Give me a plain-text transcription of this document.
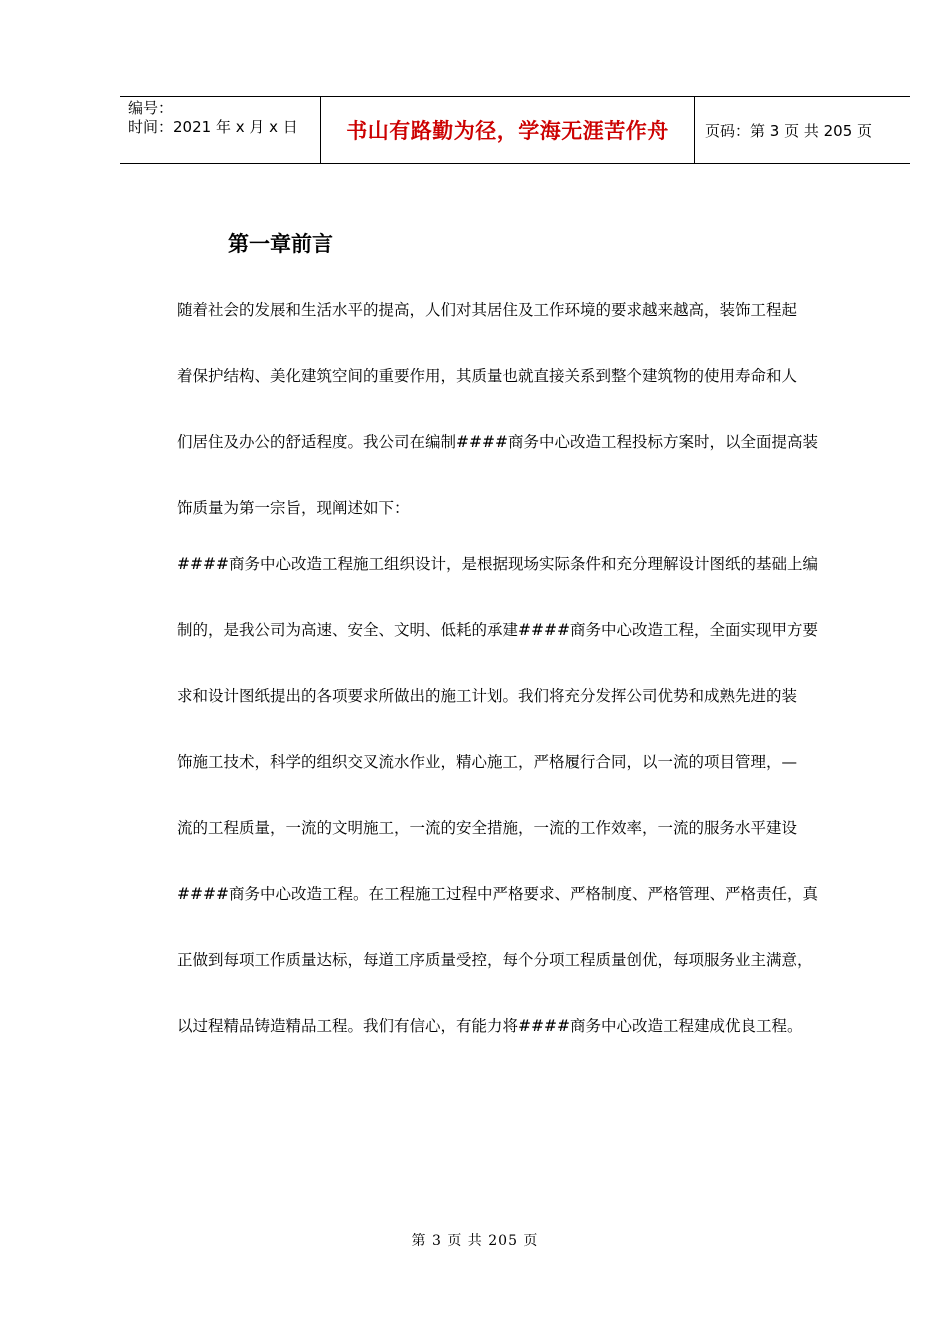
编号：
时间：2021 年 x 月 x 日	书山有路勤为径，学海无涯苦作舟	页码：第 3 页 共 205 页
第一章前言
随着社会的发展和生活水平的提高，人们对其居住及工作环境的要求越来越高，装饰工程起
着保护结构、美化建筑空间的重要作用，其质量也就直接关系到整个建筑物的使用寿命和人
们居住及办公的舒适程度。我公司在编制####商务中心改造工程投标方案时，以全面提高装
饰质量为第一宗旨，现阐述如下：
####商务中心改造工程施工组织设计，是根据现场实际条件和充分理解设计图纸的基础上编
制的，是我公司为高速、安全、文明、低耗的承建####商务中心改造工程，全面实现甲方要
求和设计图纸提出的各项要求所做出的施工计划。我们将充分发挥公司优势和成熟先进的装
饰施工技术，科学的组织交叉流水作业，精心施工，严格履行合同，以一流的项目管理，—
流的工程质量，一流的文明施工，一流的安全措施，一流的工作效率，一流的服务水平建设
####商务中心改造工程。在工程施工过程中严格要求、严格制度、严格管理、严格责任，真
正做到每项工作质量达标，每道工序质量受控，每个分项工程质量创优，每项服务业主满意，
以过程精品铸造精品工程。我们有信心，有能力将####商务中心改造工程建成优良工程。
第 3 页 共 205 页
